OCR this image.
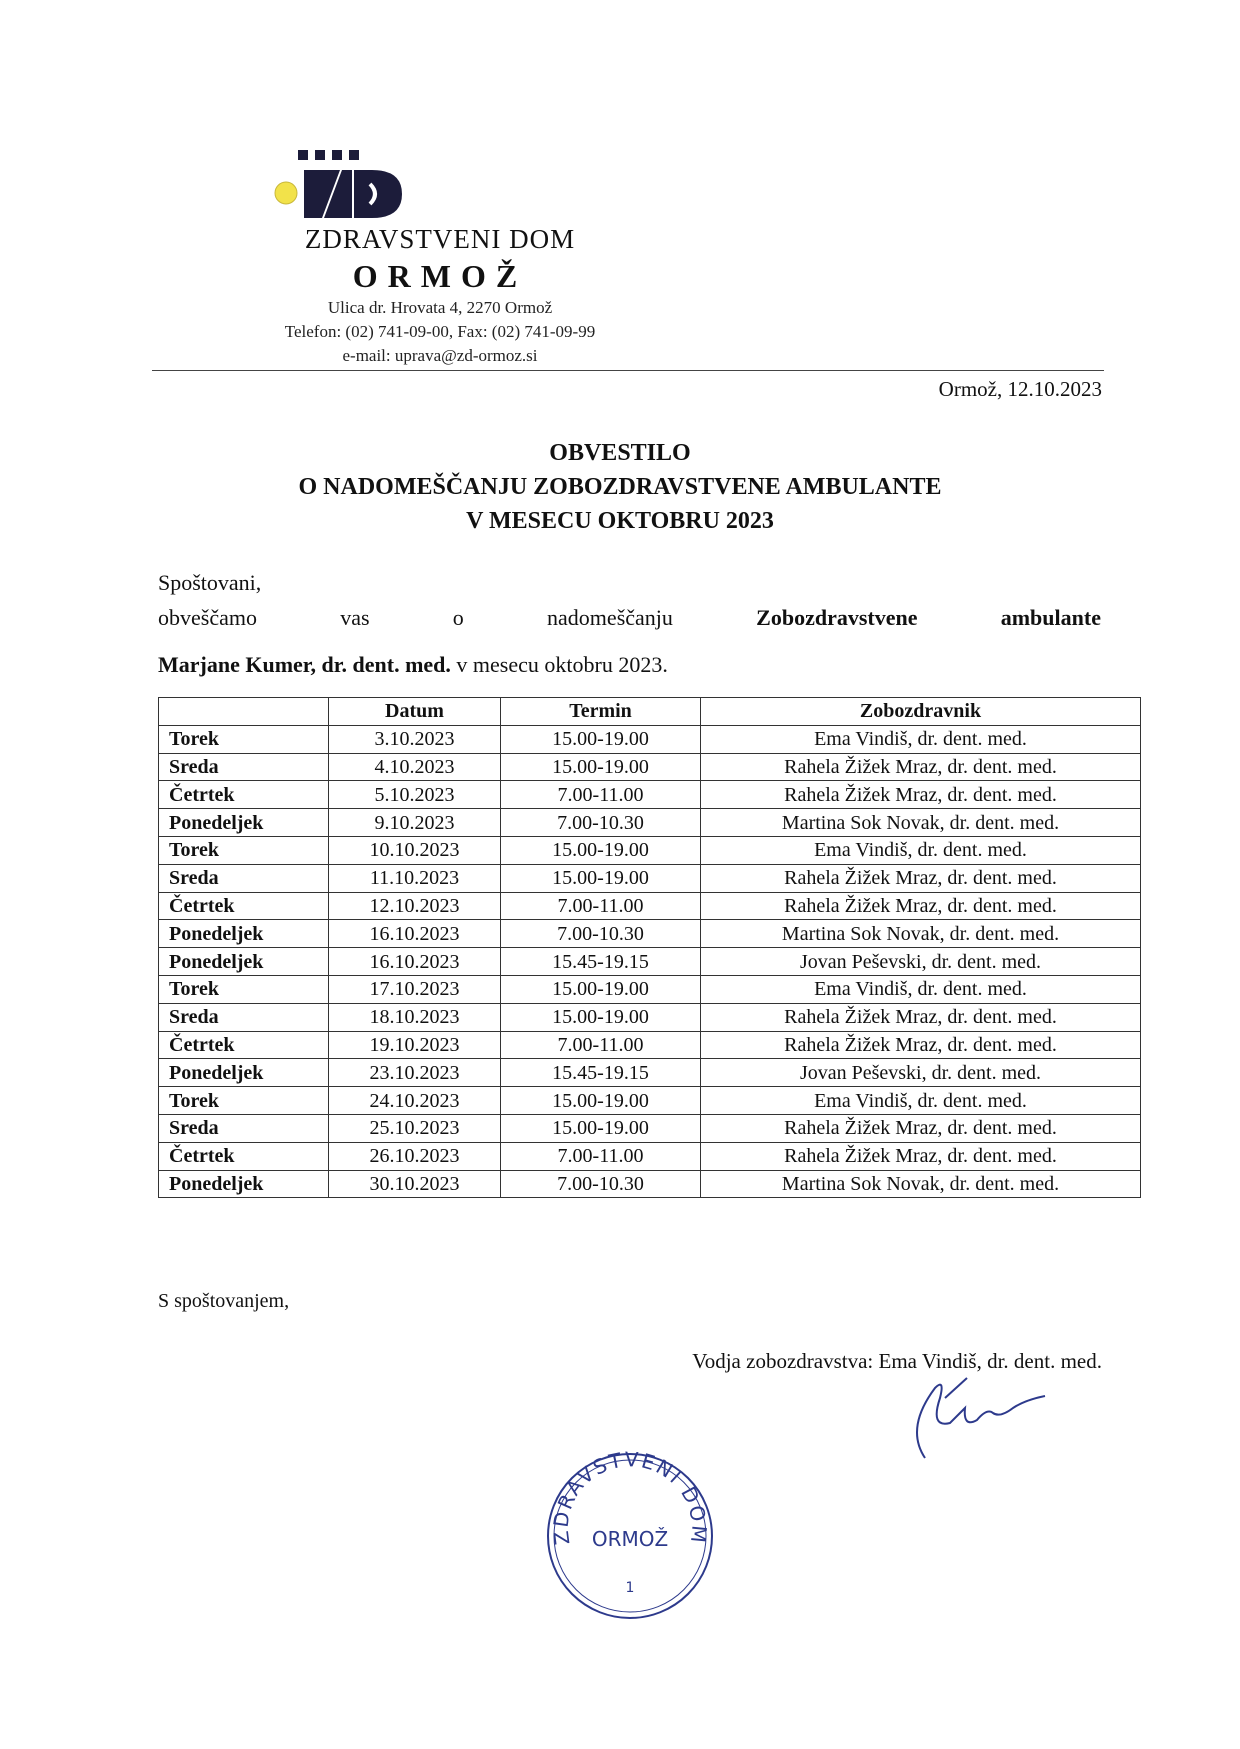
ZDRAVSTVENI DOM
ORMOŽ
Ulica dr. Hrovata 4, 2270 Ormož
Telefon: (02) 741-09-00, Fax: (02) 741-09-99
e-mail: uprava@zd-ormoz.si
Ormož, 12.10.2023
OBVESTILO
O NADOMEŠČANJU ZOBOZDRAVSTVENE AMBULANTE
V MESECU OKTOBRU 2023
Spoštovani,
obveščamo	vas	o	nadomeščanju	Zobozdravstvene	ambulante
Marjane Kumer, dr. dent. med. v mesecu oktobru 2023.
	Datum	Termin	Zobozdravnik
Torek	3.10.2023	15.00-19.00	Ema Vindiš, dr. dent. med.
Sreda	4.10.2023	15.00-19.00	Rahela Žižek Mraz, dr. dent. med.
Četrtek	5.10.2023	7.00-11.00	Rahela Žižek Mraz, dr. dent. med.
Ponedeljek	9.10.2023	7.00-10.30	Martina Sok Novak, dr. dent. med.
Torek	10.10.2023	15.00-19.00	Ema Vindiš, dr. dent. med.
Sreda	11.10.2023	15.00-19.00	Rahela Žižek Mraz, dr. dent. med.
Četrtek	12.10.2023	7.00-11.00	Rahela Žižek Mraz, dr. dent. med.
Ponedeljek	16.10.2023	7.00-10.30	Martina Sok Novak, dr. dent. med.
Ponedeljek	16.10.2023	15.45-19.15	Jovan Peševski, dr. dent. med.
Torek	17.10.2023	15.00-19.00	Ema Vindiš, dr. dent. med.
Sreda	18.10.2023	15.00-19.00	Rahela Žižek Mraz, dr. dent. med.
Četrtek	19.10.2023	7.00-11.00	Rahela Žižek Mraz, dr. dent. med.
Ponedeljek	23.10.2023	15.45-19.15	Jovan Peševski, dr. dent. med.
Torek	24.10.2023	15.00-19.00	Ema Vindiš, dr. dent. med.
Sreda	25.10.2023	15.00-19.00	Rahela Žižek Mraz, dr. dent. med.
Četrtek	26.10.2023	7.00-11.00	Rahela Žižek Mraz, dr. dent. med.
Ponedeljek	30.10.2023	7.00-10.30	Martina Sok Novak, dr. dent. med.
S spoštovanjem,
Vodja zobozdravstva: Ema Vindiš, dr. dent. med.
ZDRAVSTVENI DOM
ORMOŽ
1
